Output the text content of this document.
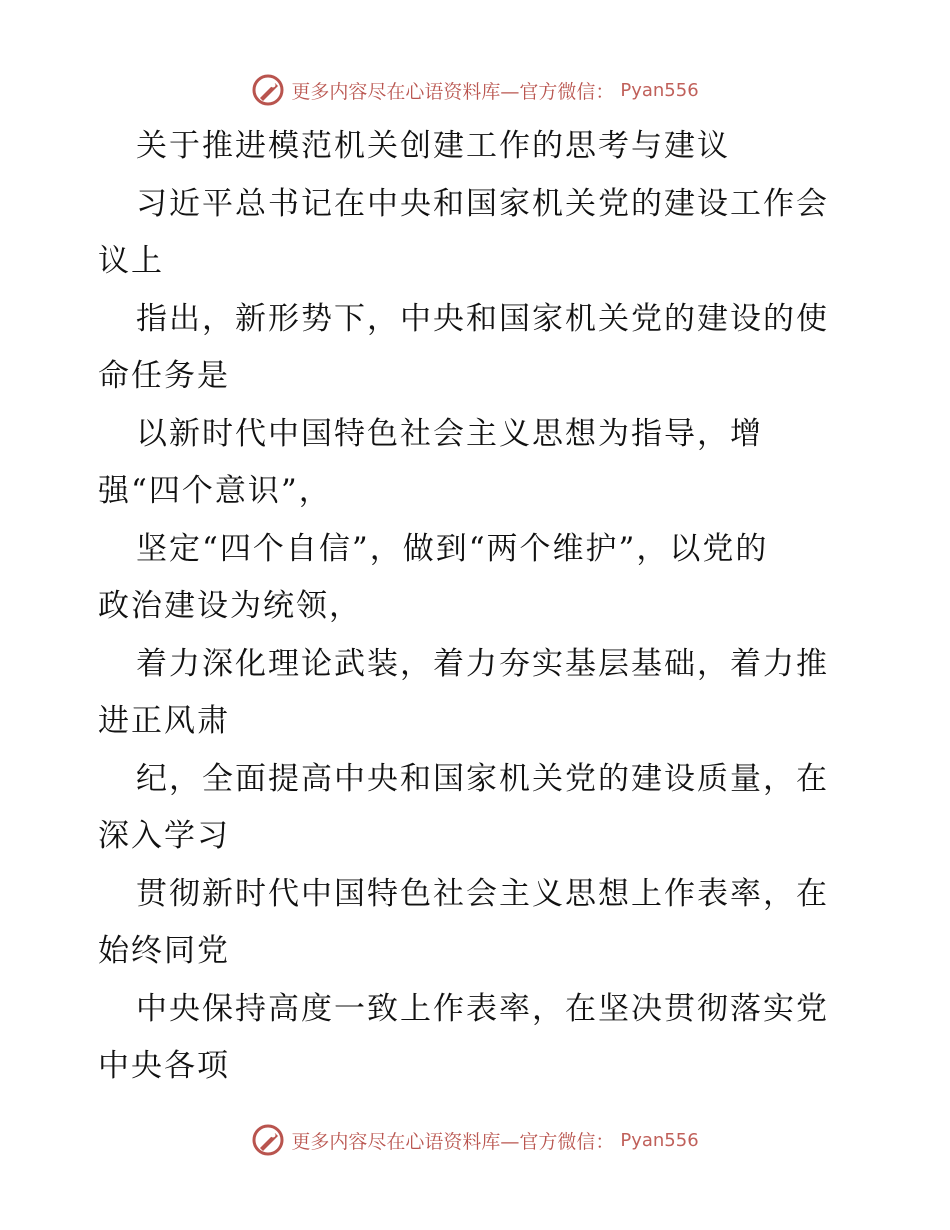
更多内容尽在心语资料库—官方微信： Pyan556
关于推进模范机关创建工作的思考与建议
习近平总书记在中央和国家机关党的建设工作会
议上
指出，新形势下，中央和国家机关党的建设的使
命任务是
以新时代中国特色社会主义思想为指导，增
强“四个意识”，
坚定“四个自信”，做到“两个维护”，以党的
政治建设为统领，
着力深化理论武装，着力夯实基层基础，着力推
进正风肃
纪，全面提高中央和国家机关党的建设质量，在
深入学习
贯彻新时代中国特色社会主义思想上作表率，在
始终同党
中央保持高度一致上作表率，在坚决贯彻落实党
中央各项
更多内容尽在心语资料库—官方微信： Pyan556
